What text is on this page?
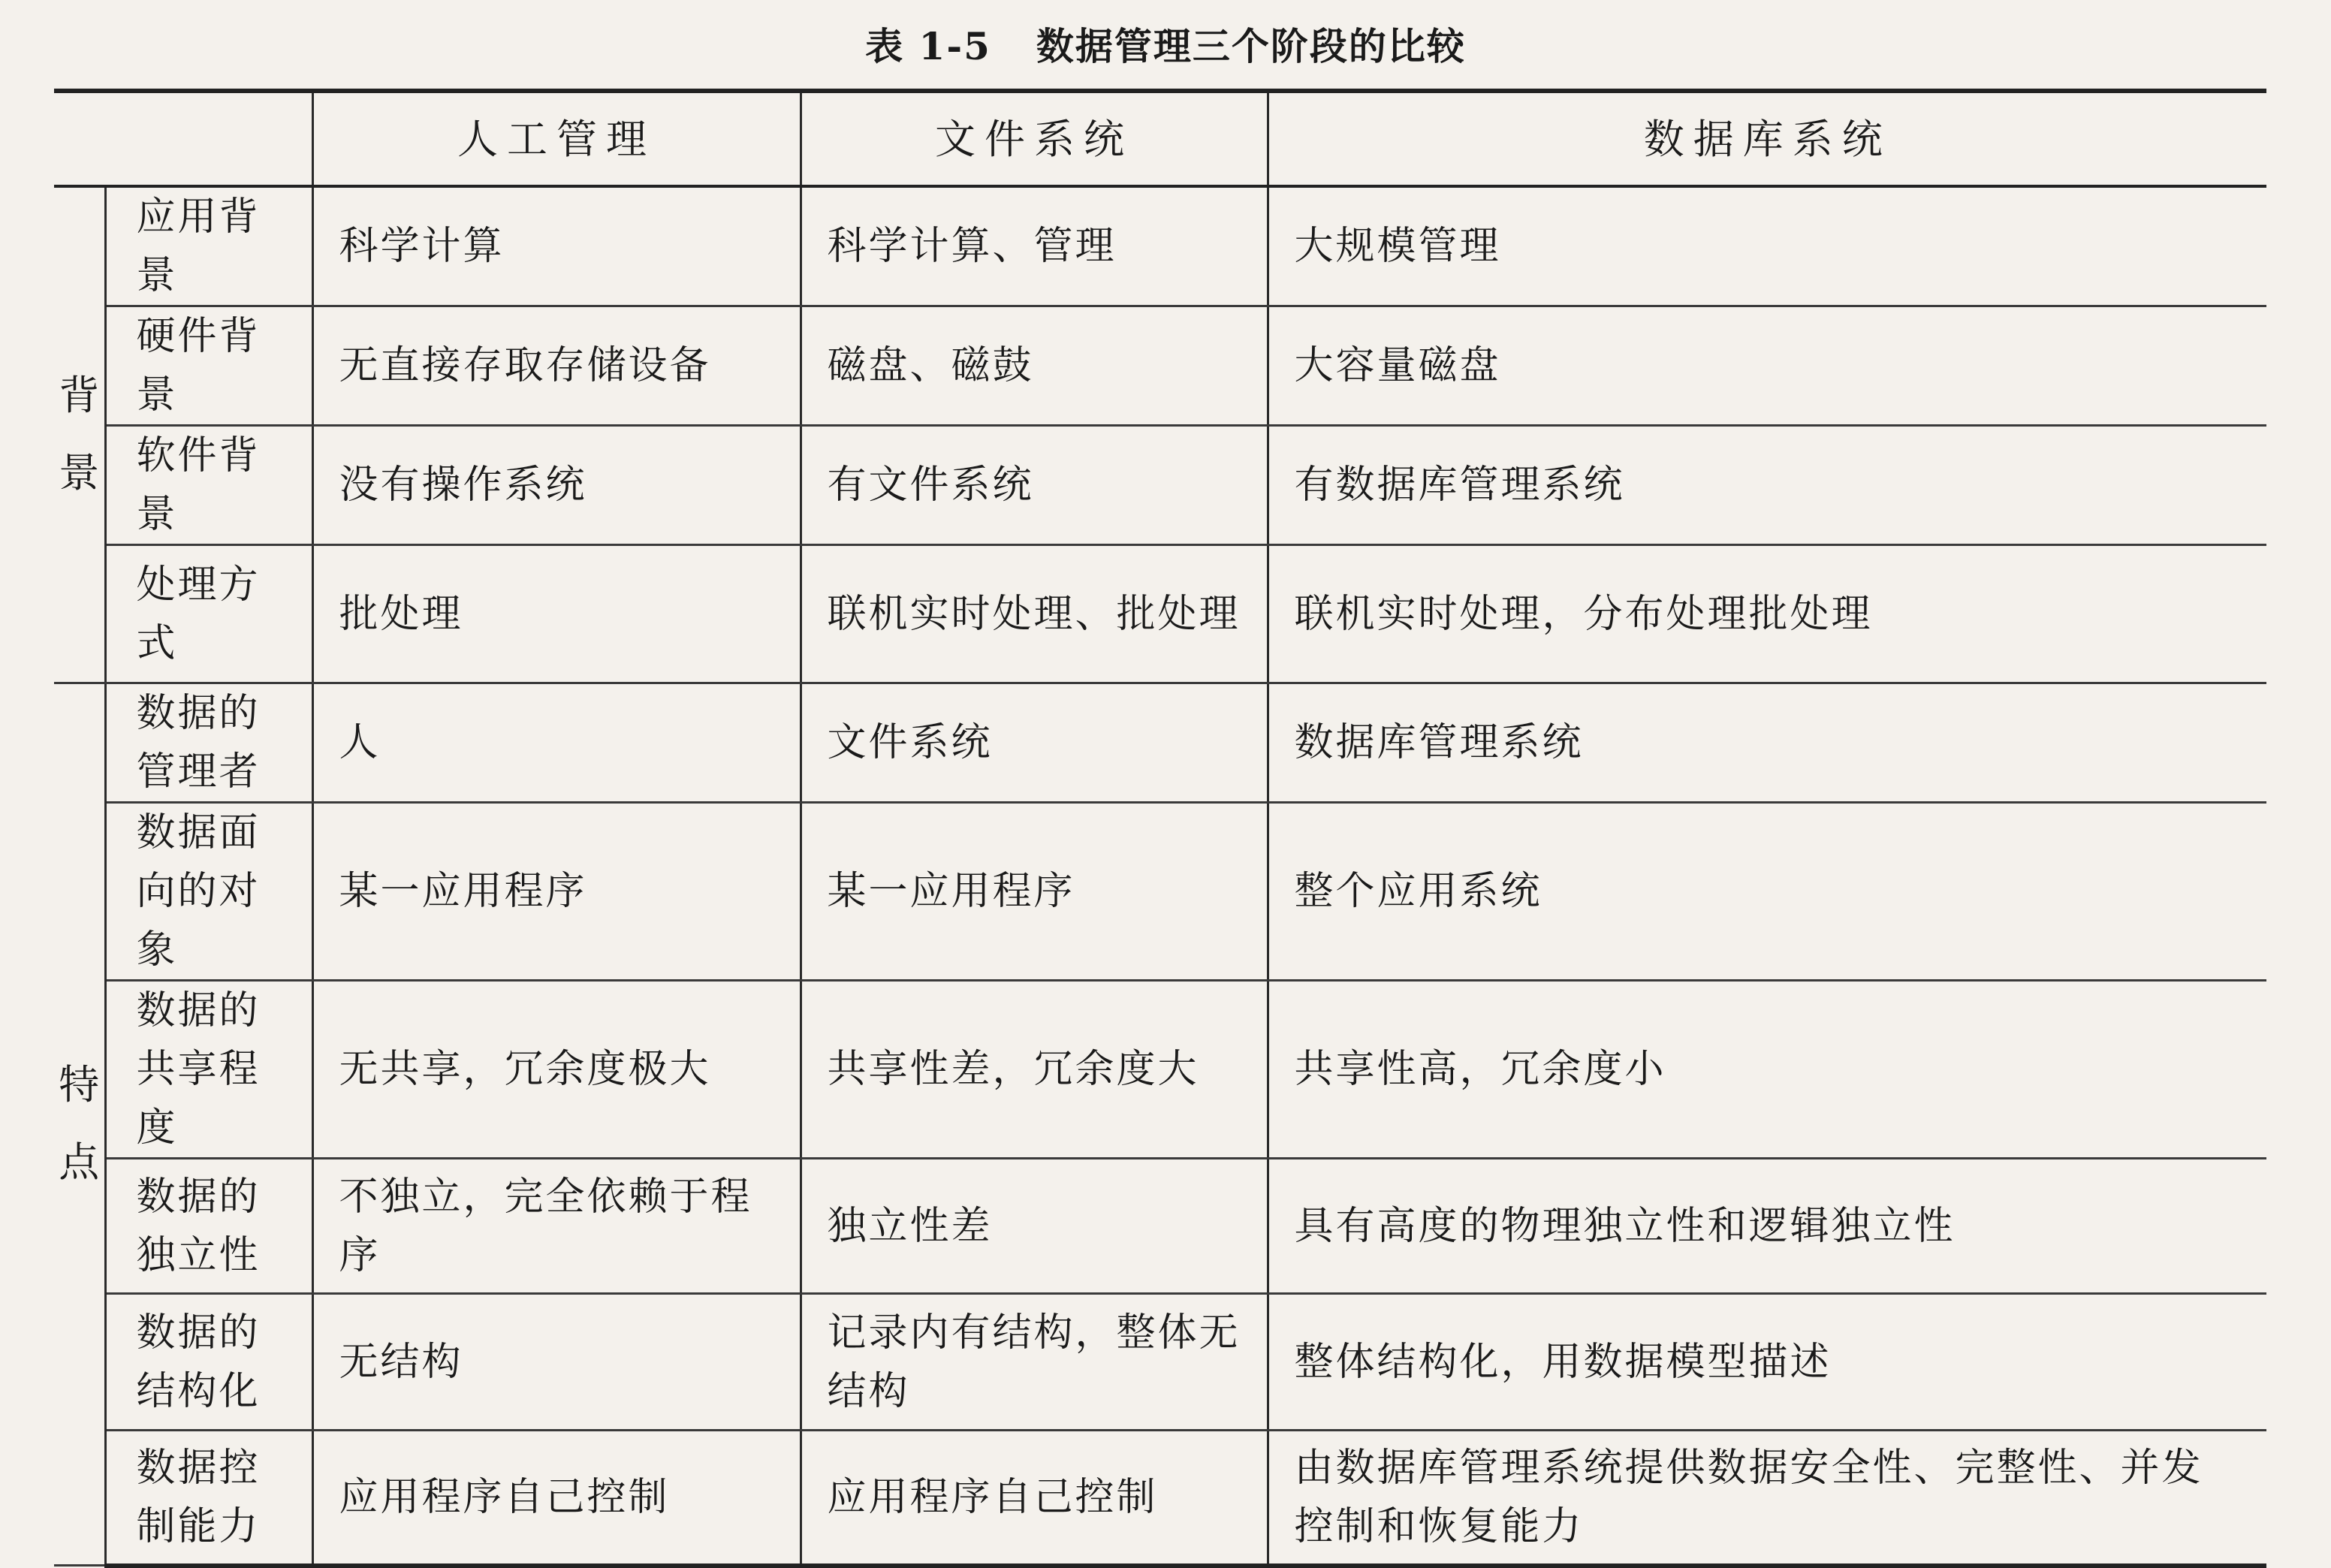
表 1-5 数据管理三个阶段的比较
		人工管理	文件系统	数据库系统
背景	应用背景	科学计算	科学计算、管理	大规模管理
	硬件背景	无直接存取存储设备	磁盘、磁鼓	大容量磁盘
	软件背景	没有操作系统	有文件系统	有数据库管理系统
	处理方式	批处理	联机实时处理、批处理	联机实时处理，分布处理批处理
特点	数据的管理者	人	文件系统	数据库管理系统
	数据面向的对象	某一应用程序	某一应用程序	整个应用系统
	数据的共享程度	无共享，冗余度极大	共享性差，冗余度大	共享性高，冗余度小
	数据的独立性	不独立，完全依赖于程序	独立性差	具有高度的物理独立性和逻辑独立性
	数据的结构化	无结构	记录内有结构，整体无结构	整体结构化，用数据模型描述
	数据控制能力	应用程序自己控制	应用程序自己控制	由数据库管理系统提供数据安全性、完整性、并发控制和恢复能力
